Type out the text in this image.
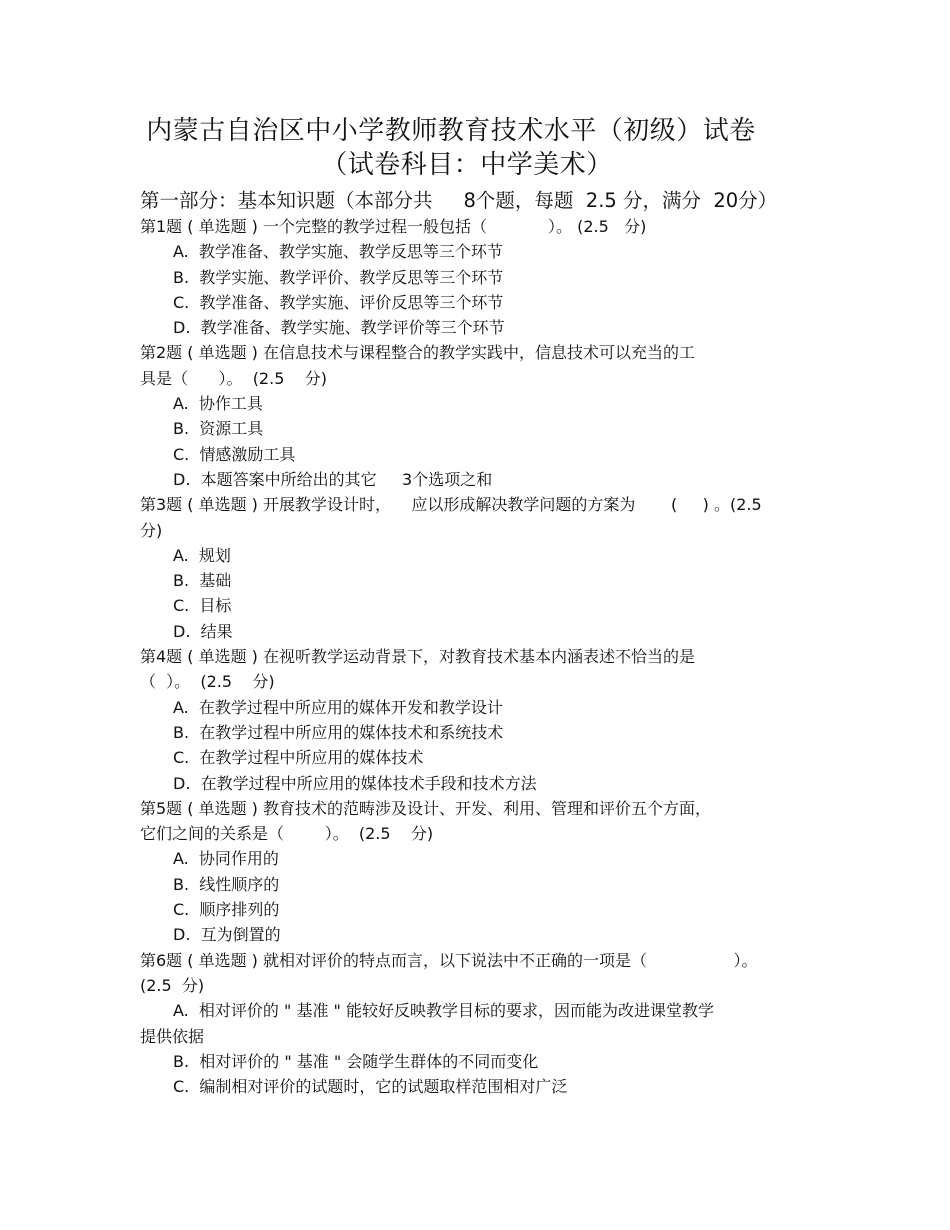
内蒙古自治区中小学教师教育技术水平（初级）试卷
（试卷科目：中学美术）
第一部分：基本知识题（本部分共     8个题，每题  2.5 分，满分  20分）
第1题 ( 单选题 ) 一个完整的教学过程一般包括（            ）。 (2.5   分)
A.  教学准备、教学实施、教学反思等三个环节
B.  教学实施、教学评价、教学反思等三个环节
C.  教学准备、教学实施、评价反思等三个环节
D.  教学准备、教学实施、教学评价等三个环节
第2题 ( 单选题 ) 在信息技术与课程整合的教学实践中，信息技术可以充当的工
具是（      ）。  (2.5    分)
A.  协作工具
B.  资源工具
C.  情感激励工具
D.  本题答案中所给出的其它     3个选项之和
第3题 ( 单选题 ) 开展教学设计时，    应以形成解决教学问题的方案为       (     ) 。(2.5
分)
A.  规划
B.  基础
C.  目标
D.  结果
第4题 ( 单选题 ) 在视听教学运动背景下，对教育技术基本内涵表述不恰当的是
（  ）。  (2.5    分)
A.  在教学过程中所应用的媒体开发和教学设计
B.  在教学过程中所应用的媒体技术和系统技术
C.  在教学过程中所应用的媒体技术
D.  在教学过程中所应用的媒体技术手段和技术方法
第5题 ( 单选题 ) 教育技术的范畴涉及设计、开发、利用、管理和评价五个方面，
它们之间的关系是（        ）。  (2.5    分)
A.  协同作用的
B.  线性顺序的
C.  顺序排列的
D.  互为倒置的
第6题 ( 单选题 ) 就相对评价的特点而言，以下说法中不正确的一项是（                 ）。
(2.5  分)
A.  相对评价的 " 基准 " 能较好反映教学目标的要求，因而能为改进课堂教学
提供依据
B.  相对评价的 " 基准 " 会随学生群体的不同而变化
C.  编制相对评价的试题时，它的试题取样范围相对广泛
